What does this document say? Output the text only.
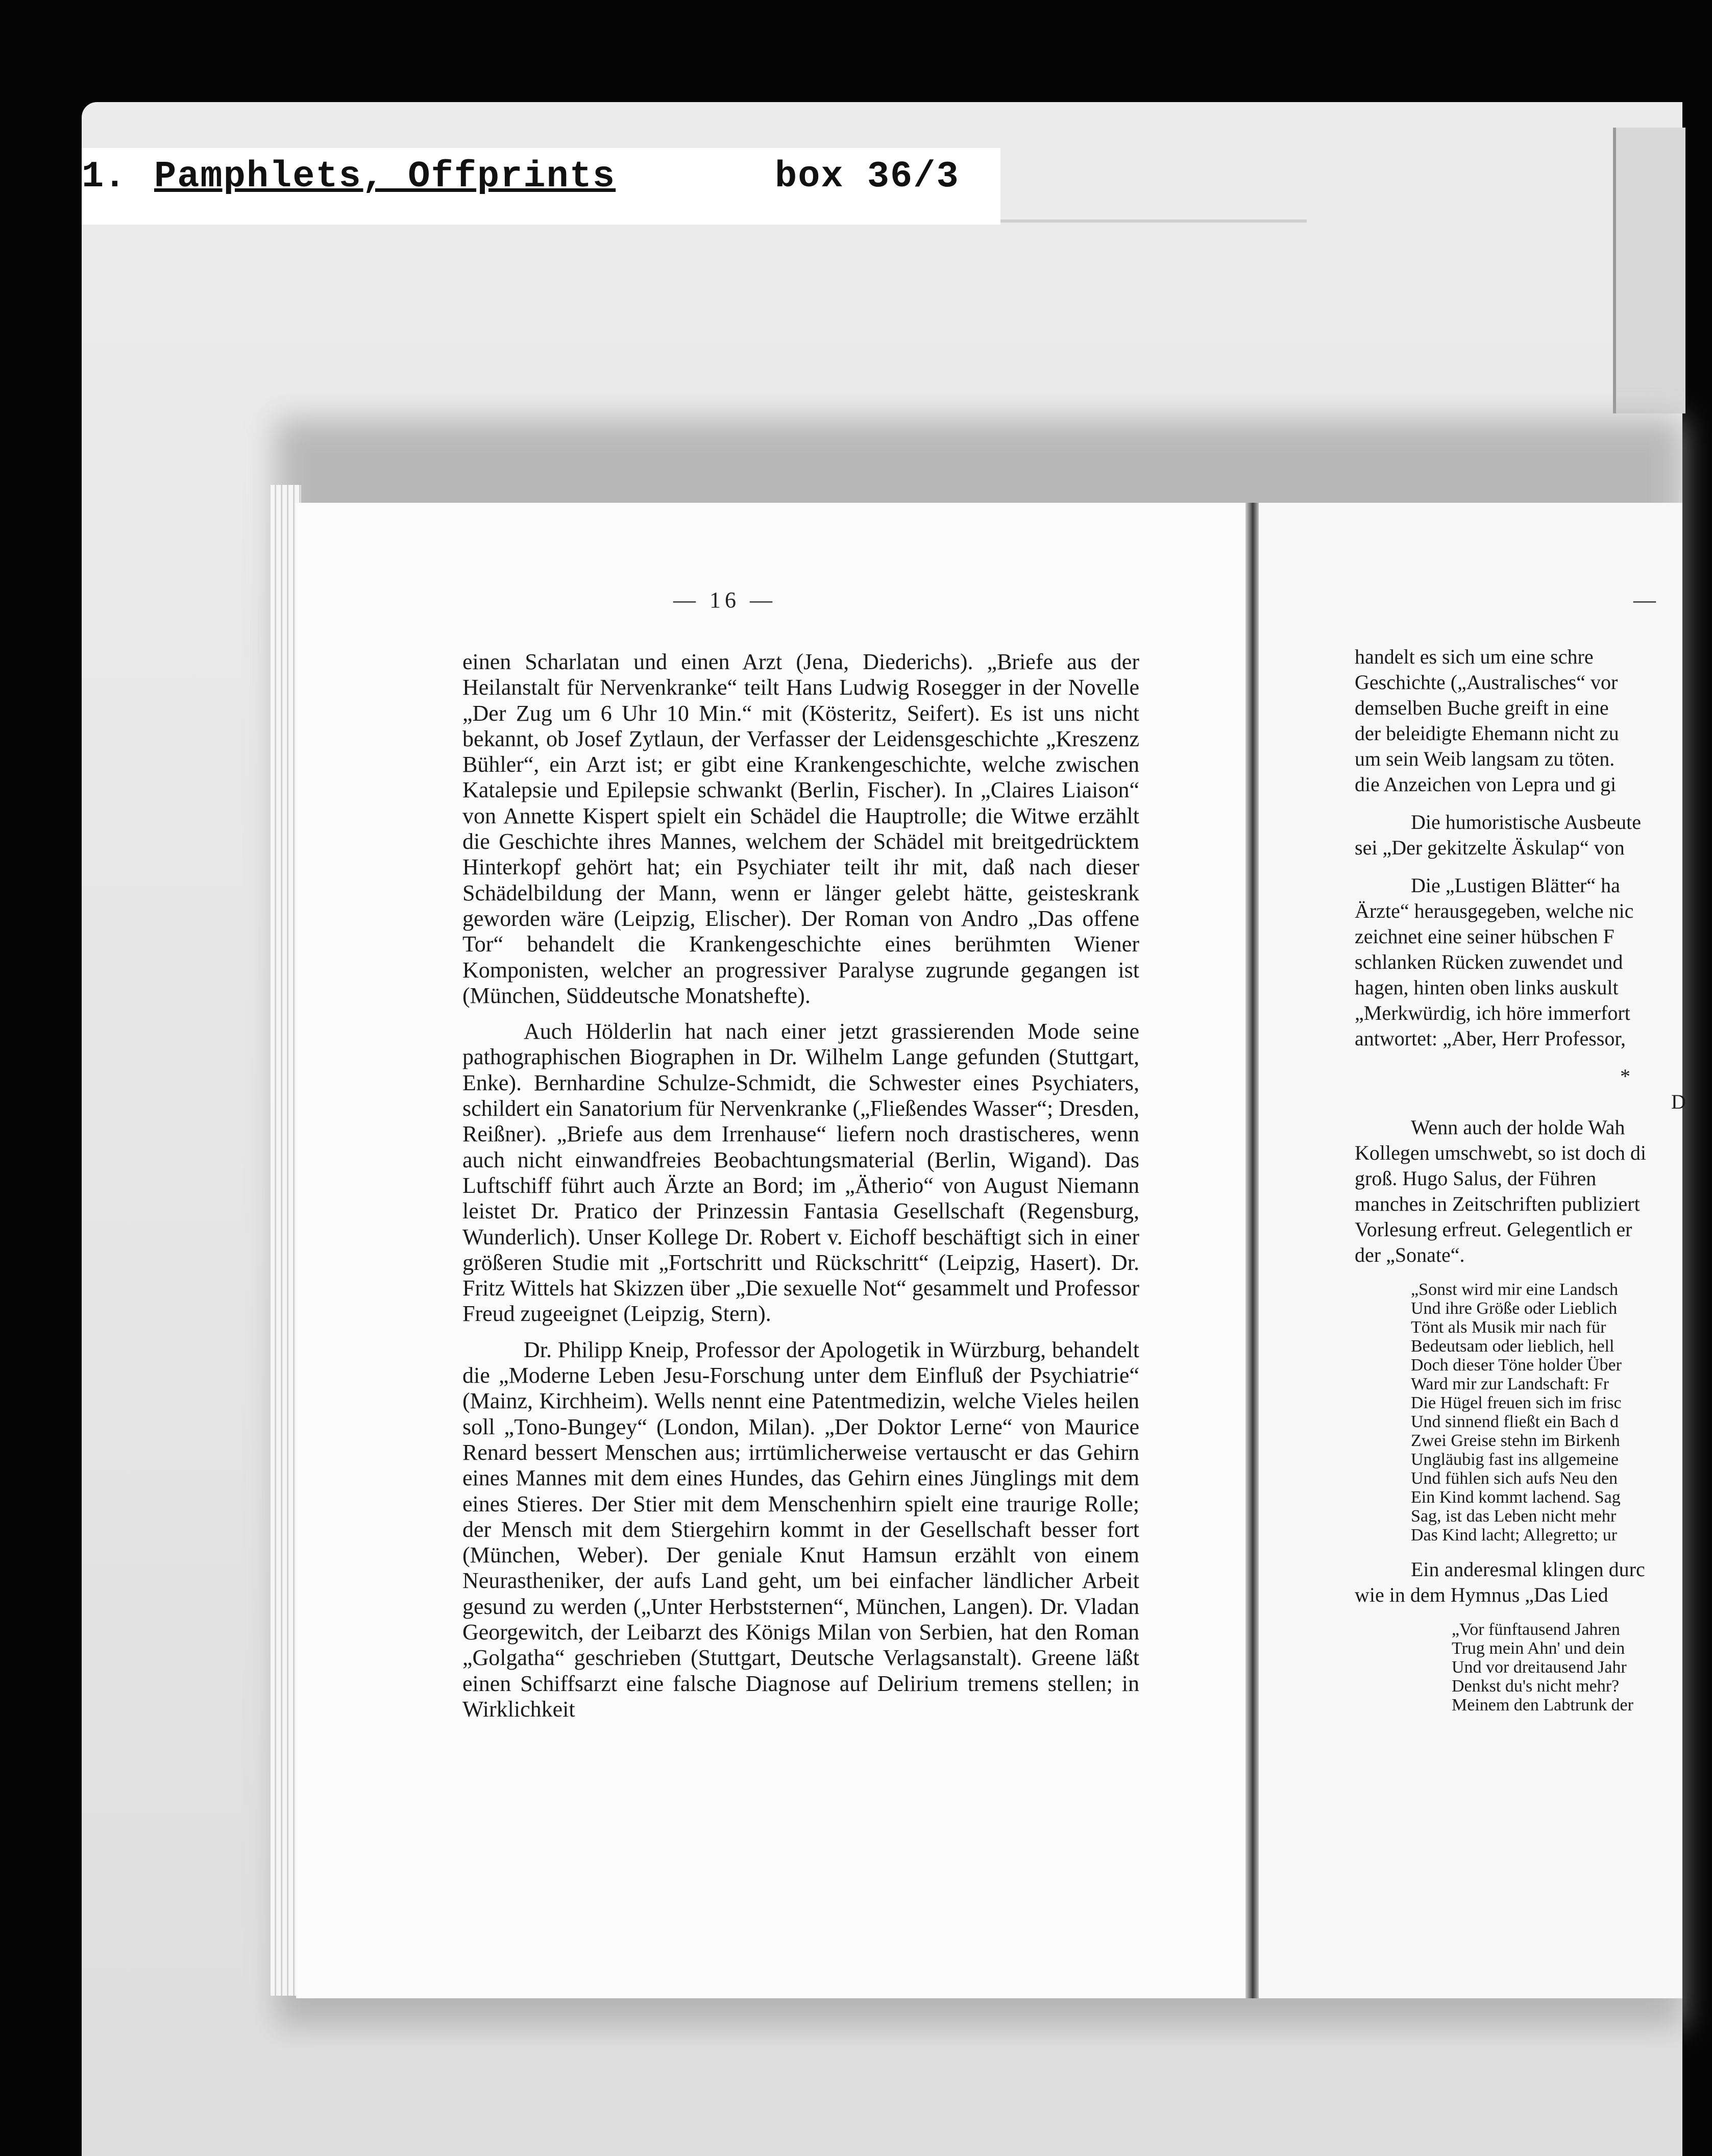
1. Pamphlets, Offprints	box 36/3
— 16 —	—

einen Scharlatan und einen Arzt (Jena, Diederichs). „Briefe aus der Heilanstalt für Nervenkranke“ teilt Hans Ludwig Rosegger in der Novelle „Der Zug um 6 Uhr 10 Min.“ mit (Kösteritz, Seifert). Es ist uns nicht bekannt, ob Josef Zytlaun, der Verfasser der Leidensgeschichte „Kreszenz Bühler“, ein Arzt ist; er gibt eine Krankengeschichte, welche zwischen Katalepsie und Epilepsie schwankt (Berlin, Fischer). In „Claires Liaison“ von Annette Kispert spielt ein Schädel die Hauptrolle; die Witwe erzählt die Geschichte ihres Mannes, welchem der Schädel mit breitgedrücktem Hinterkopf gehört hat; ein Psychiater teilt ihr mit, daß nach dieser Schädelbildung der Mann, wenn er länger gelebt hätte, geisteskrank geworden wäre (Leipzig, Elischer). Der Roman von Andro „Das offene Tor“ behandelt die Krankengeschichte eines berühmten Wiener Komponisten, welcher an progressiver Paralyse zugrunde gegangen ist (München, Süddeutsche Monatshefte).

Auch Hölderlin hat nach einer jetzt grassierenden Mode seine pathographischen Biographen in Dr. Wilhelm Lange gefunden (Stuttgart, Enke). Bernhardine Schulze-Schmidt, die Schwester eines Psychiaters, schildert ein Sanatorium für Nervenkranke („Fließendes Wasser“; Dresden, Reißner). „Briefe aus dem Irrenhause“ liefern noch drastischeres, wenn auch nicht einwandfreies Beobachtungsmaterial (Berlin, Wigand). Das Luftschiff führt auch Ärzte an Bord; im „Ätherio“ von August Niemann leistet Dr. Pratico der Prinzessin Fantasia Gesellschaft (Regensburg, Wunderlich). Unser Kollege Dr. Robert v. Eichoff beschäftigt sich in einer größeren Studie mit „Fortschritt und Rückschritt“ (Leipzig, Hasert). Dr. Fritz Wittels hat Skizzen über „Die sexuelle Not“ gesammelt und Professor Freud zugeeignet (Leipzig, Stern).

Dr. Philipp Kneip, Professor der Apologetik in Würzburg, behandelt die „Moderne Leben Jesu-Forschung unter dem Einfluß der Psychiatrie“ (Mainz, Kirchheim). Wells nennt eine Patentmedizin, welche Vieles heilen soll „Tono-Bungey“ (London, Milan). „Der Doktor Lerne“ von Maurice Renard bessert Menschen aus; irrtümlicherweise vertauscht er das Gehirn eines Mannes mit dem eines Hundes, das Gehirn eines Jünglings mit dem eines Stieres. Der Stier mit dem Menschenhirn spielt eine traurige Rolle; der Mensch mit dem Stiergehirn kommt in der Gesellschaft besser fort (München, Weber). Der geniale Knut Hamsun erzählt von einem Neurastheniker, der aufs Land geht, um bei einfacher ländlicher Arbeit gesund zu werden („Unter Herbststernen“, München, Langen). Dr. Vladan Georgewitch, der Leibarzt des Königs Milan von Serbien, hat den Roman „Golgatha“ geschrieben (Stuttgart, Deutsche Verlagsanstalt). Greene läßt einen Schiffsarzt eine falsche Diagnose auf Delirium tremens stellen; in Wirklichkeit

handelt es sich um eine schre
Geschichte („Australisches“ vor
demselben Buche greift in eine
der beleidigte Ehemann nicht zu
um sein Weib langsam zu töten.
die Anzeichen von Lepra und gi
Die humoristische Ausbeute
sei „Der gekitzelte Äskulap“ von
Die „Lustigen Blätter“ ha
Ärzte“ herausgegeben, welche nic
zeichnet eine seiner hübschen F
schlanken Rücken zuwendet und
hagen, hinten oben links auskult
„Merkwürdig, ich höre immerfort
antwortet: „Aber, Herr Professor,
*
D
Wenn auch der holde Wah
Kollegen umschwebt, so ist doch di
groß. Hugo Salus, der Führen
manches in Zeitschriften publiziert
Vorlesung erfreut. Gelegentlich er
der „Sonate“.
„Sonst wird mir eine Landsch
Und ihre Größe oder Lieblich
Tönt als Musik mir nach für
Bedeutsam oder lieblich, hell
Doch dieser Töne holder Über
Ward mir zur Landschaft: Fr
Die Hügel freuen sich im frisc
Und sinnend fließt ein Bach d
Zwei Greise stehn im Birkenh
Ungläubig fast ins allgemeine
Und fühlen sich aufs Neu den
Ein Kind kommt lachend. Sag
Sag, ist das Leben nicht mehr
Das Kind lacht; Allegretto; ur
Ein anderesmal klingen durc
wie in dem Hymnus „Das Lied
„Vor fünftausend Jahren
Trug mein Ahn' und dein
Und vor dreitausend Jahr
Denkst du's nicht mehr?
Meinem den Labtrunk der
